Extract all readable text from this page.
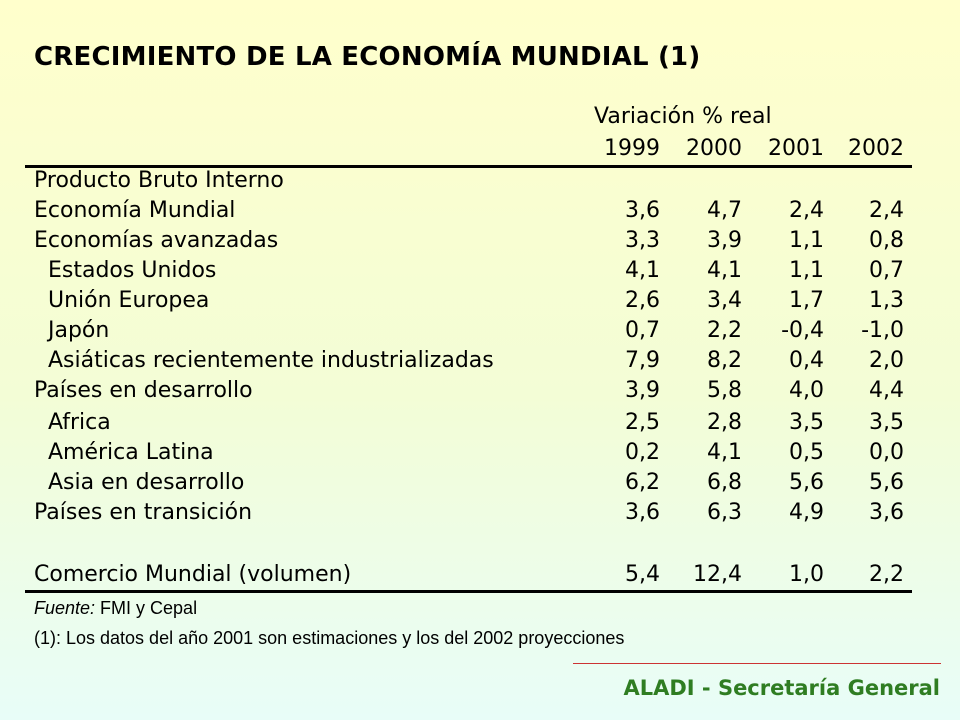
CRECIMIENTO DE LA ECONOMÍA MUNDIAL (1)
Variación % real
1999	2000	2001	2002
Producto Bruto Interno
Economía Mundial	3,6	4,7	2,4	2,4
Economías avanzadas	3,3	3,9	1,1	0,8
Estados Unidos	4,1	4,1	1,1	0,7
Unión Europea	2,6	3,4	1,7	1,3
Japón	0,7	2,2	-0,4	-1,0
Asiáticas recientemente industrializadas	7,9	8,2	0,4	2,0
Países en desarrollo	3,9	5,8	4,0	4,4
Africa	2,5	2,8	3,5	3,5
América Latina	0,2	4,1	0,5	0,0
Asia en desarrollo	6,2	6,8	5,6	5,6
Países en transición	3,6	6,3	4,9	3,6
Comercio Mundial (volumen)	5,4	12,4	1,0	2,2
Fuente: FMI y Cepal
(1): Los datos del año 2001 son estimaciones y los del 2002 proyecciones
ALADI - Secretaría General
